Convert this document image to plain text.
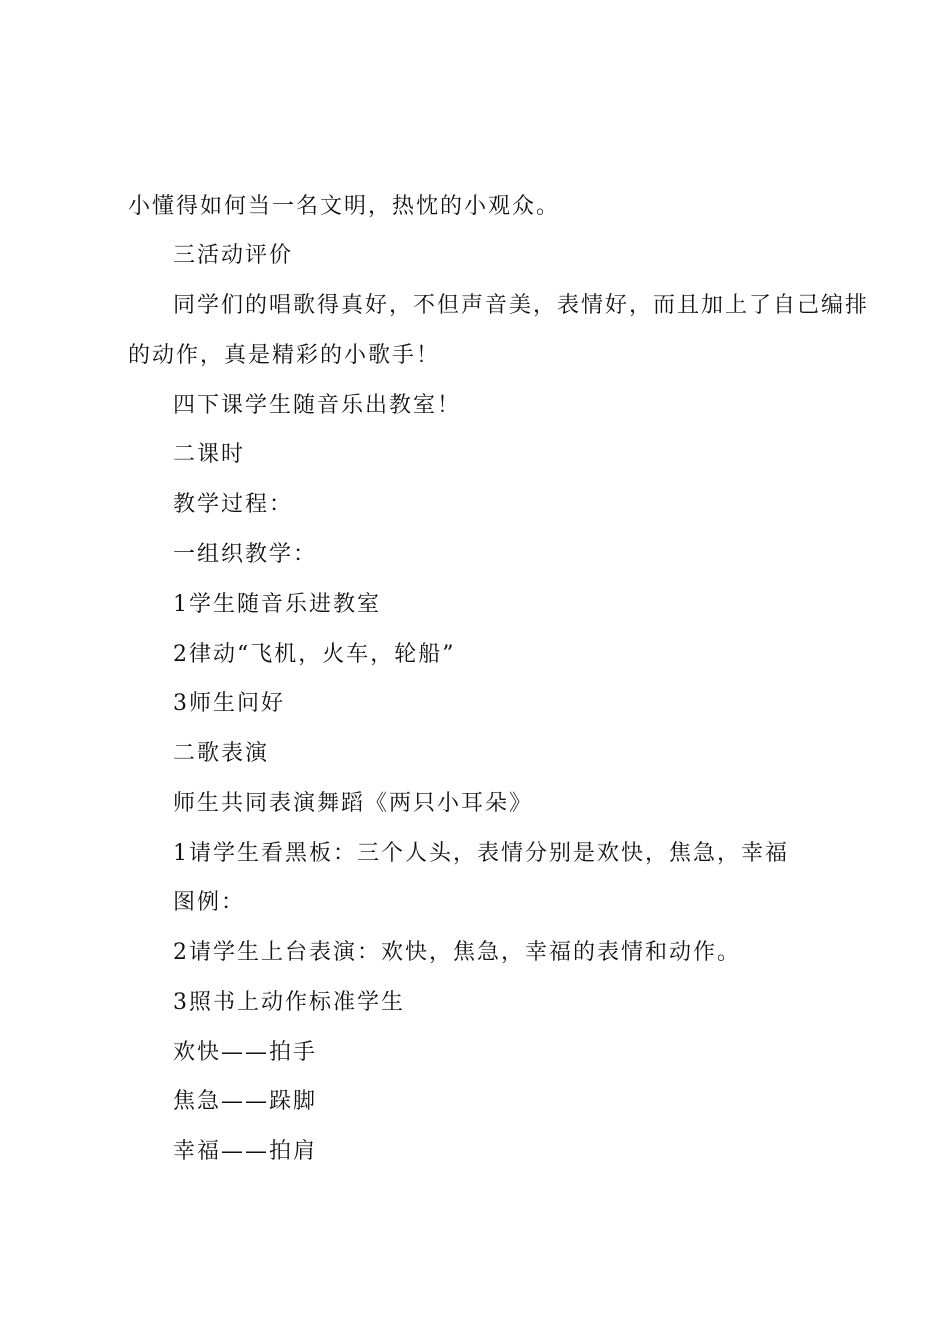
小懂得如何当一名文明，热忱的小观众。
三活动评价
同学们的唱歌得真好，不但声音美，表情好，而且加上了自己编排
的动作，真是精彩的小歌手！
四下课学生随音乐出教室！
二课时
教学过程：
一组织教学：
1学生随音乐进教室
2律动“飞机，火车，轮船”
3师生问好
二歌表演
师生共同表演舞蹈《两只小耳朵》
1请学生看黑板：三个人头，表情分别是欢快，焦急，幸福
图例：
2请学生上台表演：欢快，焦急，幸福的表情和动作。
3照书上动作标准学生
欢快——拍手
焦急——跺脚
幸福——拍肩
